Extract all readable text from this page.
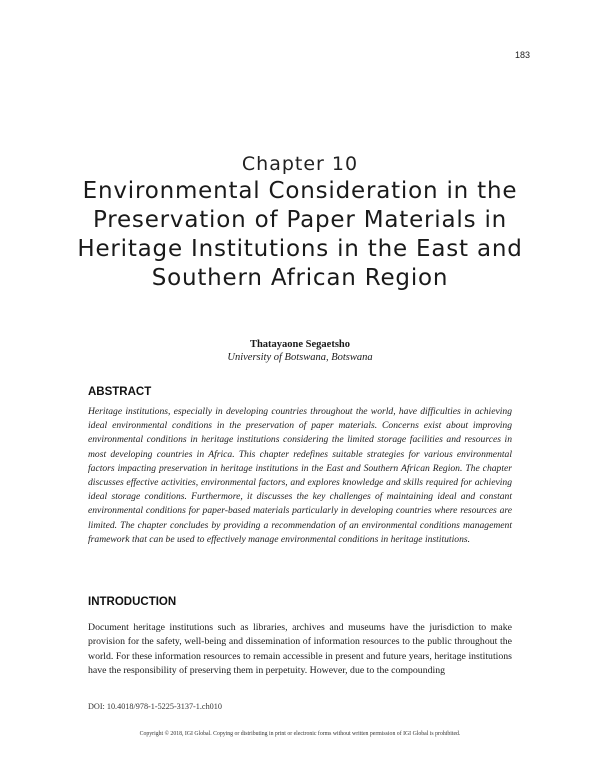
183
Chapter 10
Environmental Consideration in the Preservation of Paper Materials in Heritage Institutions in the East and Southern African Region
Thatayaone Segaetsho
University of Botswana, Botswana
ABSTRACT

Heritage institutions, especially in developing countries throughout the world, have difficulties in achieving ideal environmental conditions in the preservation of paper materials. Concerns exist about improving environmental conditions in heritage institutions considering the limited storage facilities and resources in most developing countries in Africa. This chapter redefines suitable strategies for various environmental factors impacting preservation in heritage institutions in the East and Southern African Region. The chapter discusses effective activities, environmental factors, and explores knowledge and skills required for achieving ideal storage conditions. Furthermore, it discusses the key challenges of maintaining ideal and constant environmental conditions for paper-based materials particularly in developing countries where resources are limited. The chapter concludes by providing a recommendation of an environmental conditions management framework that can be used to effectively manage environmental conditions in heritage institutions.

INTRODUCTION

Document heritage institutions such as libraries, archives and museums have the jurisdiction to make provision for the safety, well-being and dissemination of information resources to the public throughout the world. For these information resources to remain accessible in present and future years, heritage institutions have the responsibility of preserving them in perpetuity. However, due to the compounding

DOI: 10.4018/978-1-5225-3137-1.ch010
Copyright © 2018, IGI Global. Copying or distributing in print or electronic forms without written permission of IGI Global is prohibited.
